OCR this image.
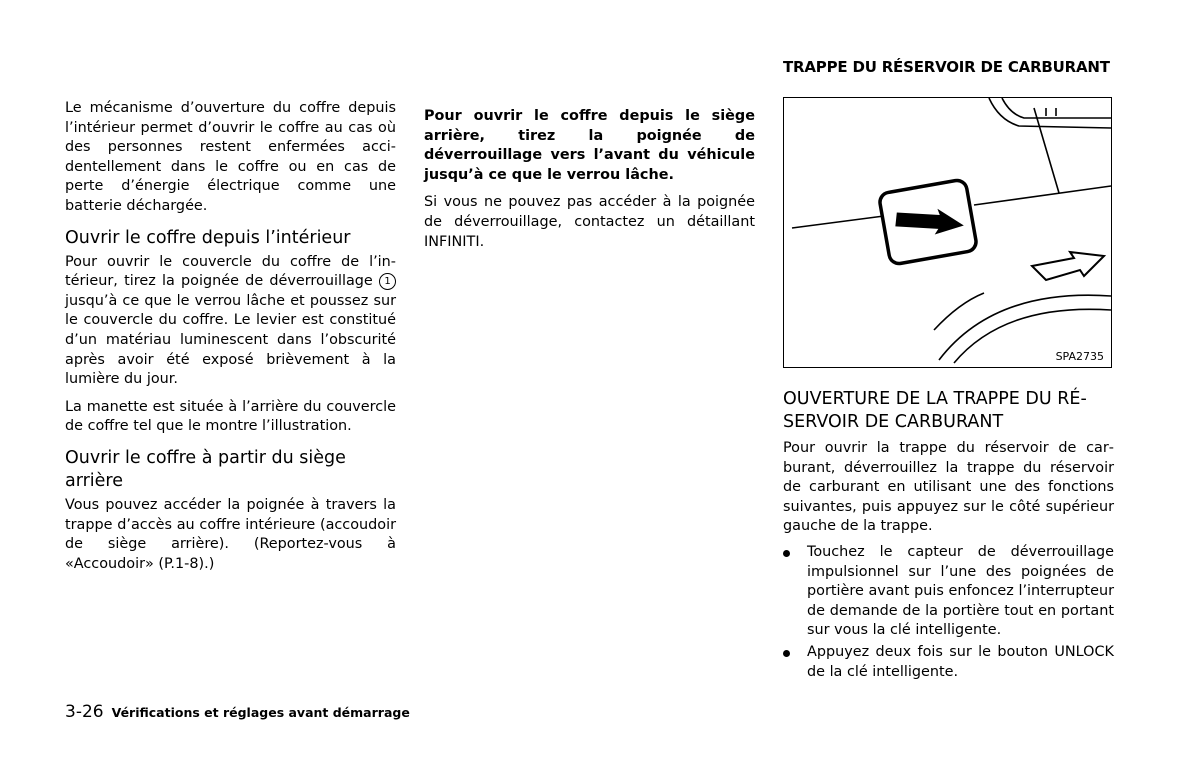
Le mécanisme d’ouverture du coffre depuis l’intérieur permet d’ouvrir le coffre au cas où des personnes restent enfermées accidentellement dans le coffre ou en cas de perte d’énergie électrique comme une batterie déchargée.

Ouvrir le coffre depuis l’intérieur

Pour ouvrir le couvercle du coffre de l’intérieur, tirez la poignée de déverrouillage 1 jusqu’à ce que le verrou lâche et poussez sur le couvercle du coffre. Le levier est constitué d’un matériau luminescent dans l’obscurité après avoir été exposé brièvement à la lumière du jour.

La manette est située à l’arrière du couvercle de coffre tel que le montre l’illustration.

Ouvrir le coffre à partir du siège arrière

Vous pouvez accéder la poignée à travers la trappe d’accès au coffre intérieure (accoudoir de siège arrière). (Reportez-vous à «Accoudoir» (P.1-8).)

Pour ouvrir le coffre depuis le siège arrière, tirez la poignée de déverrouillage vers l’avant du véhicule jusqu’à ce que le verrou lâche.

Si vous ne pouvez pas accéder à la poignée de déverrouillage, contactez un détaillant INFINITI.

TRAPPE DU RÉSERVOIR DE CARBURANT
SPA2735
OUVERTURE DE LA TRAPPE DU RÉSERVOIR DE CARBURANT

Pour ouvrir la trappe du réservoir de carburant, déverrouillez la trappe du réservoir de carburant en utilisant une des fonctions suivantes, puis appuyez sur le côté supérieur gauche de la trappe.

Touchez le capteur de déverrouillage impulsionnel sur l’une des poignées de portière avant puis enfoncez l’interrupteur de demande de la portière tout en portant sur vous la clé intelligente.
Appuyez deux fois sur le bouton UNLOCK de la clé intelligente.
3-26 Vérifications et réglages avant démarrage
